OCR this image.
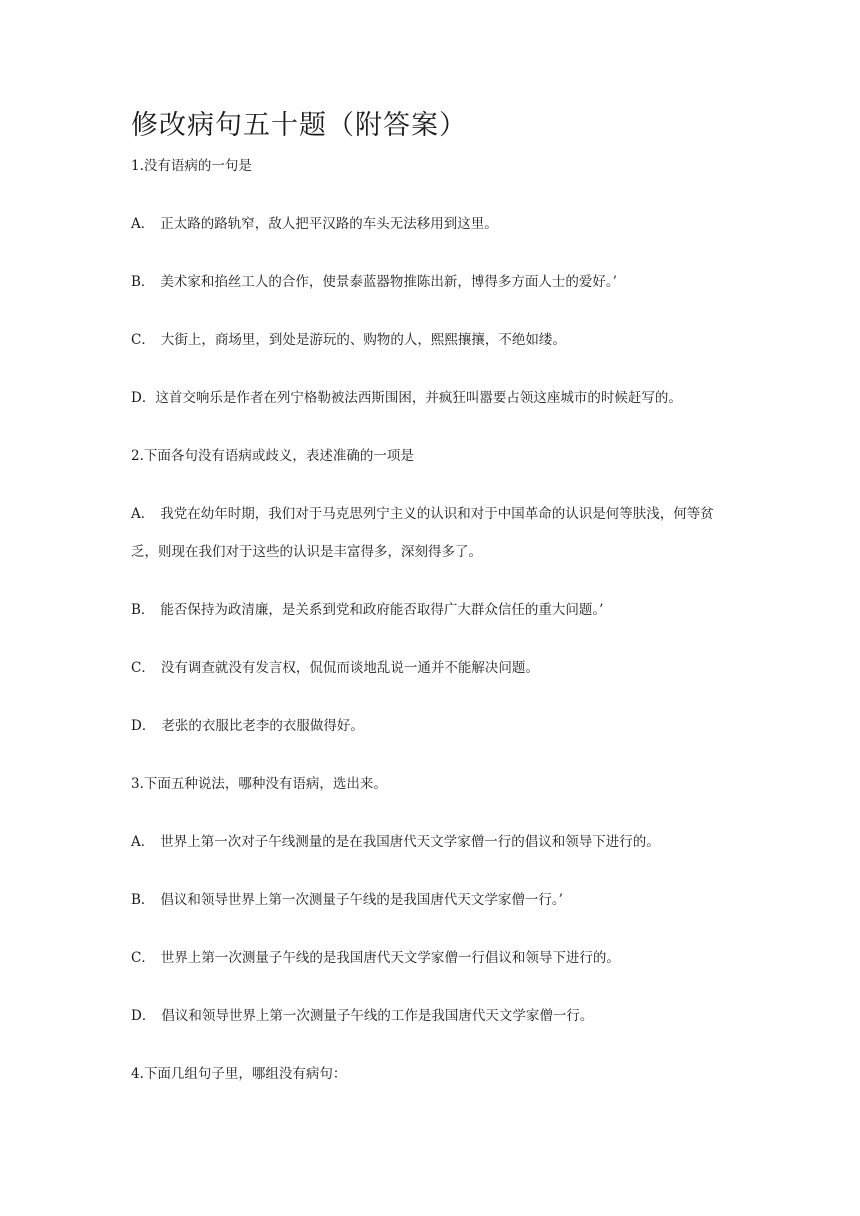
修改病句五十题（附答案）

1.没有语病的一句是

A． 正太路的路轨窄，敌人把平汉路的车头无法移用到这里。

B． 美术家和掐丝工人的合作，使景泰蓝器物推陈出新，博得多方面人士的爱好。’

C． 大街上，商场里，到处是游玩的、购物的人，熙熙攘攘，不绝如缕。

D．这首交响乐是作者在列宁格勒被法西斯围困，并疯狂叫嚣要占领这座城市的时候赶写的。

2.下面各句没有语病或歧义，表述准确的一项是

A． 我党在幼年时期，我们对于马克思列宁主义的认识和对于中国革命的认识是何等肤浅，何等贫乏，则现在我们对于这些的认识是丰富得多，深刻得多了。

B． 能否保持为政清廉，是关系到党和政府能否取得广大群众信任的重大问题。’

C． 没有调查就没有发言权，侃侃而谈地乱说一通并不能解决问题。

D． 老张的衣服比老李的衣服做得好。

3.下面五种说法，哪种没有语病，选出来。

A． 世界上第一次对子午线测量的是在我国唐代天文学家僧一行的倡议和领导下进行的。

B． 倡议和领导世界上第一次测量子午线的是我国唐代天文学家僧一行。’

C． 世界上第一次测量子午线的是我国唐代天文学家僧一行倡议和领导下进行的。

D． 倡议和领导世界上第一次测量子午线的工作是我国唐代天文学家僧一行。

4.下面几组句子里，哪组没有病句：
